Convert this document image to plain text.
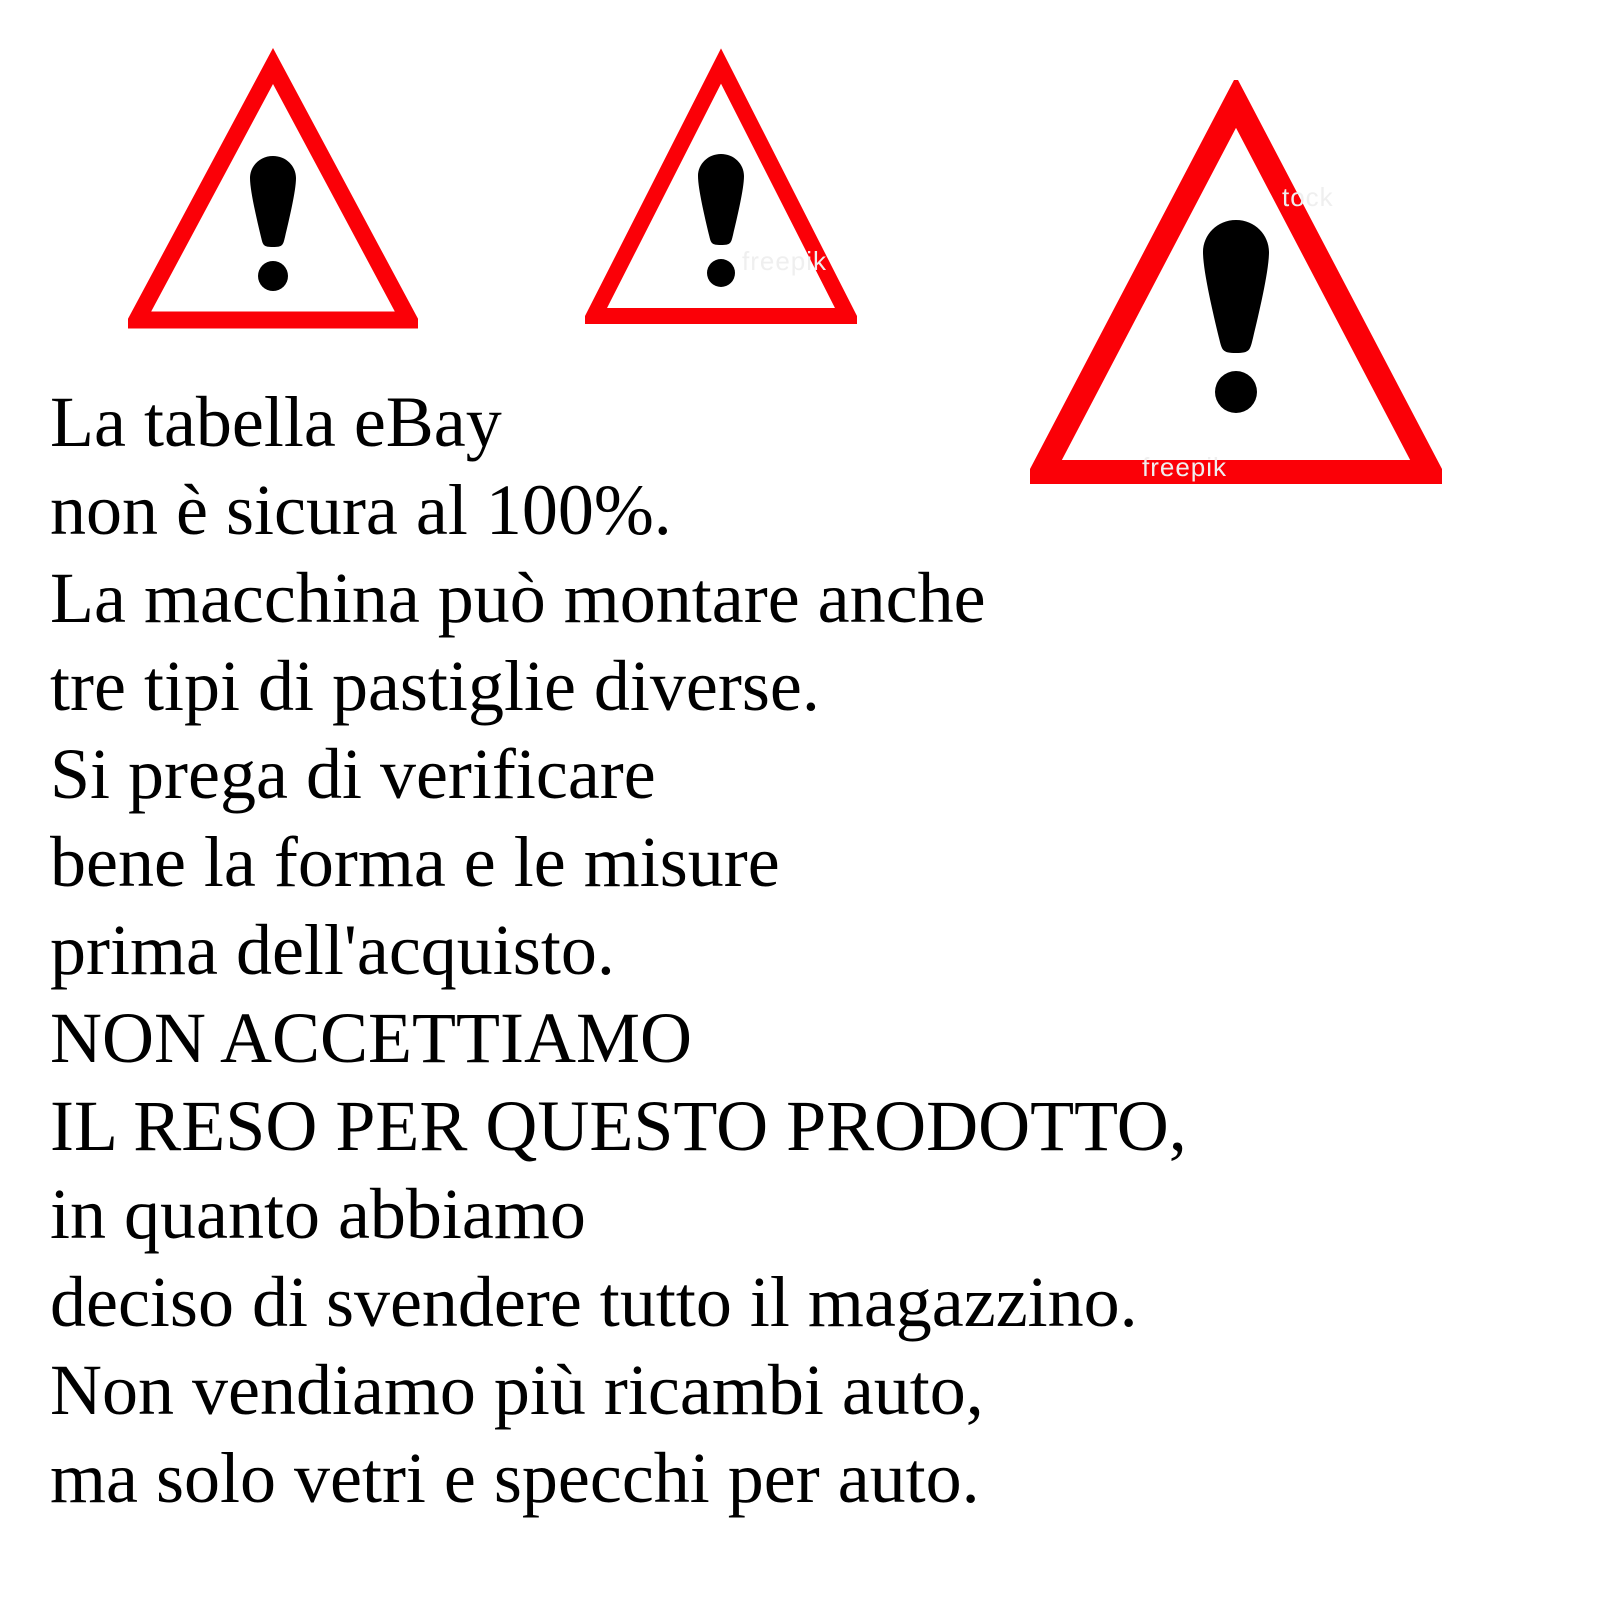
freepik
tock
freepik
La tabella eBay
non è sicura al 100%.
La macchina può montare anche
tre tipi di pastiglie diverse.
Si prega di verificare
bene la forma e le misure
prima dell'acquisto.
NON ACCETTIAMO
IL RESO PER QUESTO PRODOTTO,
in quanto abbiamo
deciso di svendere tutto il magazzino.
Non vendiamo più ricambi auto,
ma solo vetri e specchi per auto.
